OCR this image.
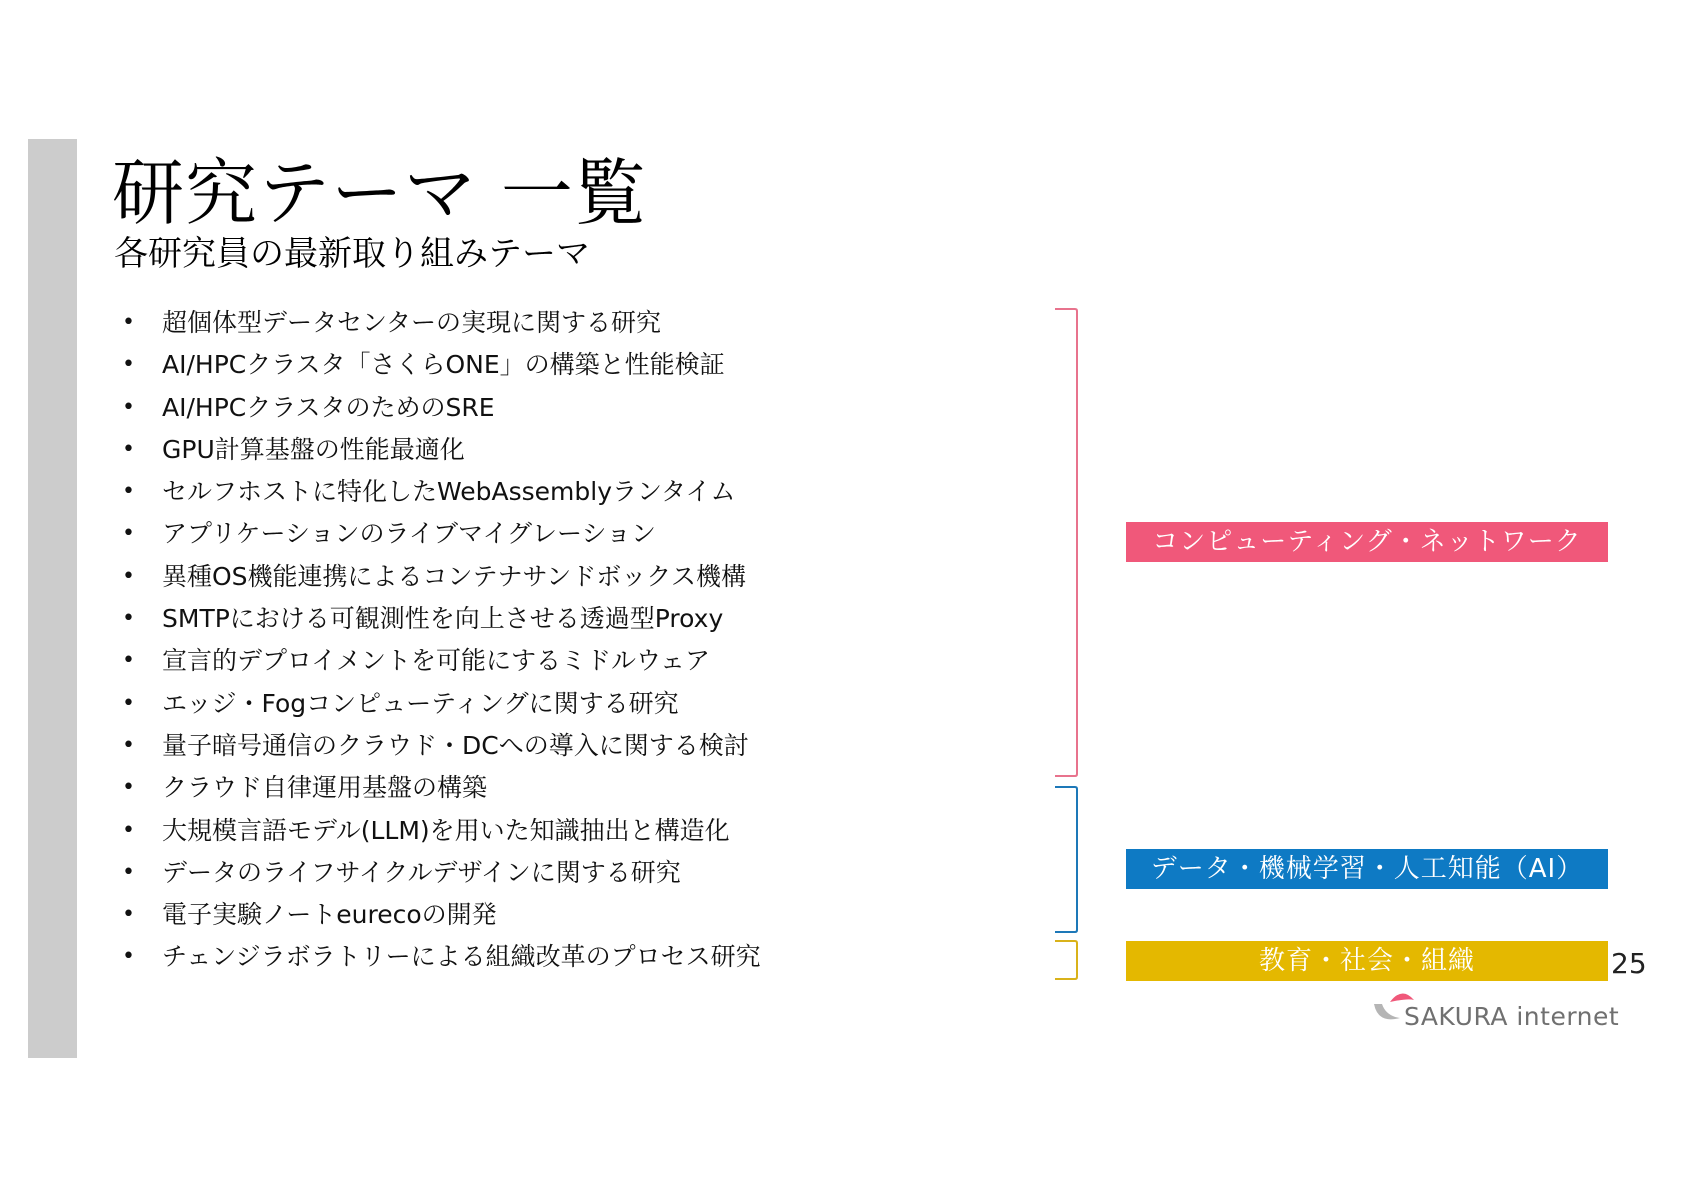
研究テーマ 一覧
各研究員の最新取り組みテーマ
• 超個体型データセンターの実現に関する研究
• AI/HPCクラスタ「さくらONE」の構築と性能検証
• AI/HPCクラスタのためのSRE
• GPU計算基盤の性能最適化
• セルフホストに特化したWebAssemblyランタイム
• アプリケーションのライブマイグレーション
• 異種OS機能連携によるコンテナサンドボックス機構
• SMTPにおける可観測性を向上させる透過型Proxy
• 宣言的デプロイメントを可能にするミドルウェア
• エッジ・Fogコンピューティングに関する研究
• 量子暗号通信のクラウド・DCへの導入に関する検討
• クラウド自律運用基盤の構築
• 大規模言語モデル(LLM)を用いた知識抽出と構造化
• データのライフサイクルデザインに関する研究
• 電子実験ノートeurecoの開発
• チェンジラボラトリーによる組織改革のプロセス研究
コンピューティング・ネットワーク
データ・機械学習・人工知能（AI）
教育・社会・組織	25
SAKURA internet
